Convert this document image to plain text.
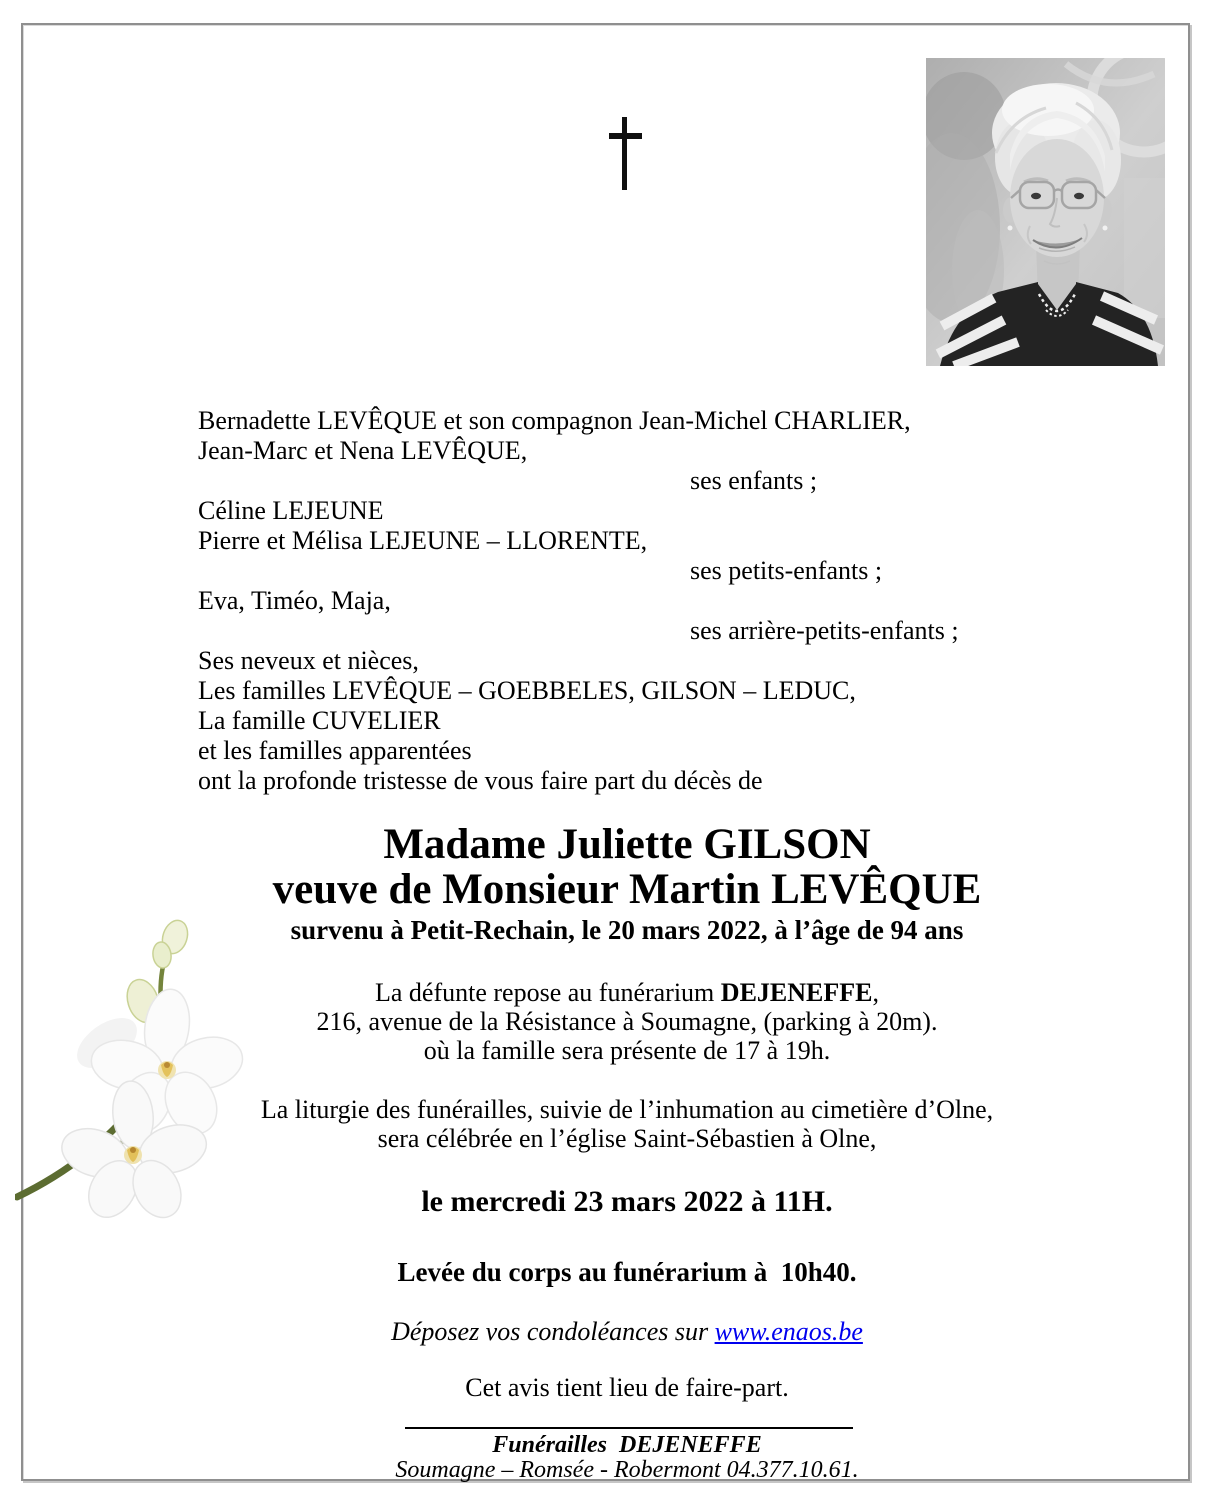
Bernadette LEVÊQUE et son compagnon Jean-Michel CHARLIER,
Jean-Marc et Nena LEVÊQUE,
ses enfants ;
Céline LEJEUNE
Pierre et Mélisa LEJEUNE – LLORENTE,
ses petits-enfants ;
Eva, Timéo, Maja,
ses arrière-petits-enfants ;
Ses neveux et nièces,
Les familles LEVÊQUE – GOEBBELES, GILSON – LEDUC,
La famille CUVELIER
et les familles apparentées
ont la profonde tristesse de vous faire part du décès de
Madame Juliette GILSON
veuve de Monsieur Martin LEVÊQUE
survenu à Petit-Rechain, le 20 mars 2022, à l’âge de 94 ans
La défunte repose au funérarium DEJENEFFE,
216, avenue de la Résistance à Soumagne, (parking à 20m).
où la famille sera présente de 17 à 19h.
La liturgie des funérailles, suivie de l’inhumation au cimetière d’Olne,
sera célébrée en l’église Saint-Sébastien à Olne,
le mercredi 23 mars 2022 à 11H.
Levée du corps au funérarium à  10h40.
Déposez vos condoléances sur www.enaos.be
Cet avis tient lieu de faire-part.
Funérailles  DEJENEFFE
Soumagne – Romsée - Robermont 04.377.10.61.
